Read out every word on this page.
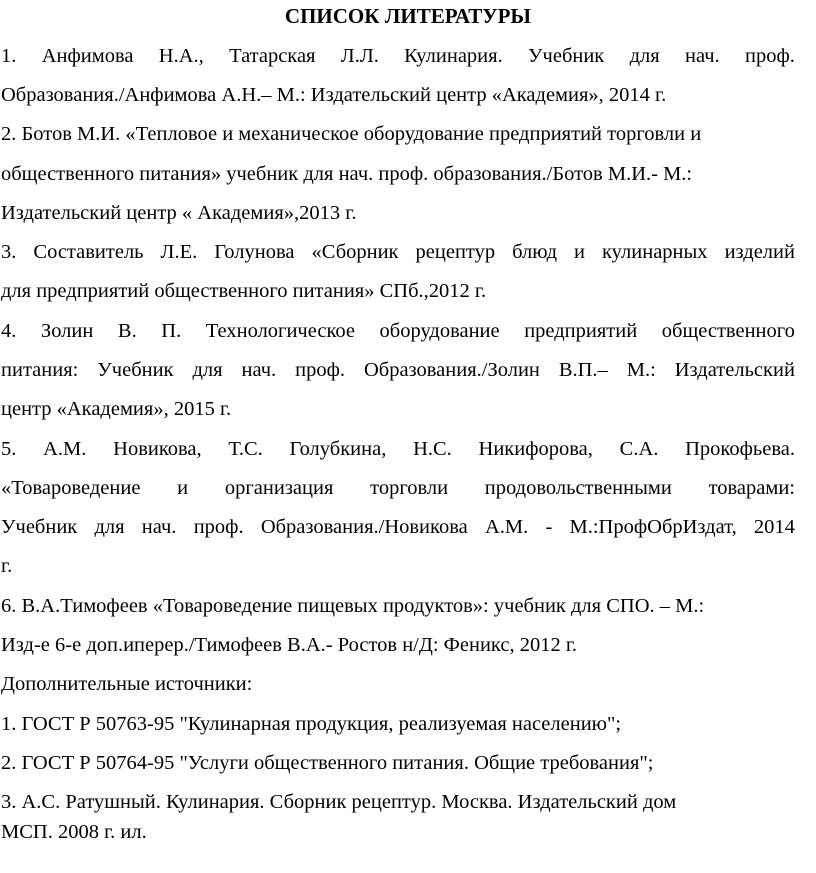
СПИСОК ЛИТЕРАТУРЫ
1. Анфимова Н.А., Татарская Л.Л. Кулинария. Учебник для нач. проф.
Образования./Анфимова А.Н.– М.: Издательский центр «Академия», 2014 г.
2. Ботов М.И. «Тепловое и механическое оборудование предприятий торговли и
общественного питания» учебник для нач. проф. образования./Ботов М.И.- М.:
Издательский центр « Академия»,2013 г.
3. Составитель Л.Е. Голунова «Сборник рецептур блюд и кулинарных изделий
для предприятий общественного питания» СПб.,2012 г.
4. Золин В. П. Технологическое оборудование предприятий общественного
питания: Учебник для нач. проф. Образования./Золин В.П.– М.: Издательский
центр «Академия», 2015 г.
5. А.М. Новикова, Т.С. Голубкина, Н.С. Никифорова, С.А. Прокофьева.
«Товароведение и организация торговли продовольственными товарами:
Учебник для нач. проф. Образования./Новикова А.М. - М.:ПрофОбрИздат, 2014
г.
6. В.А.Тимофеев «Товароведение пищевых продуктов»: учебник для СПО. – М.:
Изд-е 6-е доп.иперер./Тимофеев В.А.- Ростов н/Д: Феникс, 2012 г.
Дополнительные источники:
1. ГОСТ Р 50763-95 "Кулинарная продукция, реализуемая населению";
2. ГОСТ Р 50764-95 "Услуги общественного питания. Общие требования";
3. А.С. Ратушный. Кулинария. Сборник рецептур. Москва. Издательский дом
МСП. 2008 г. ил.
